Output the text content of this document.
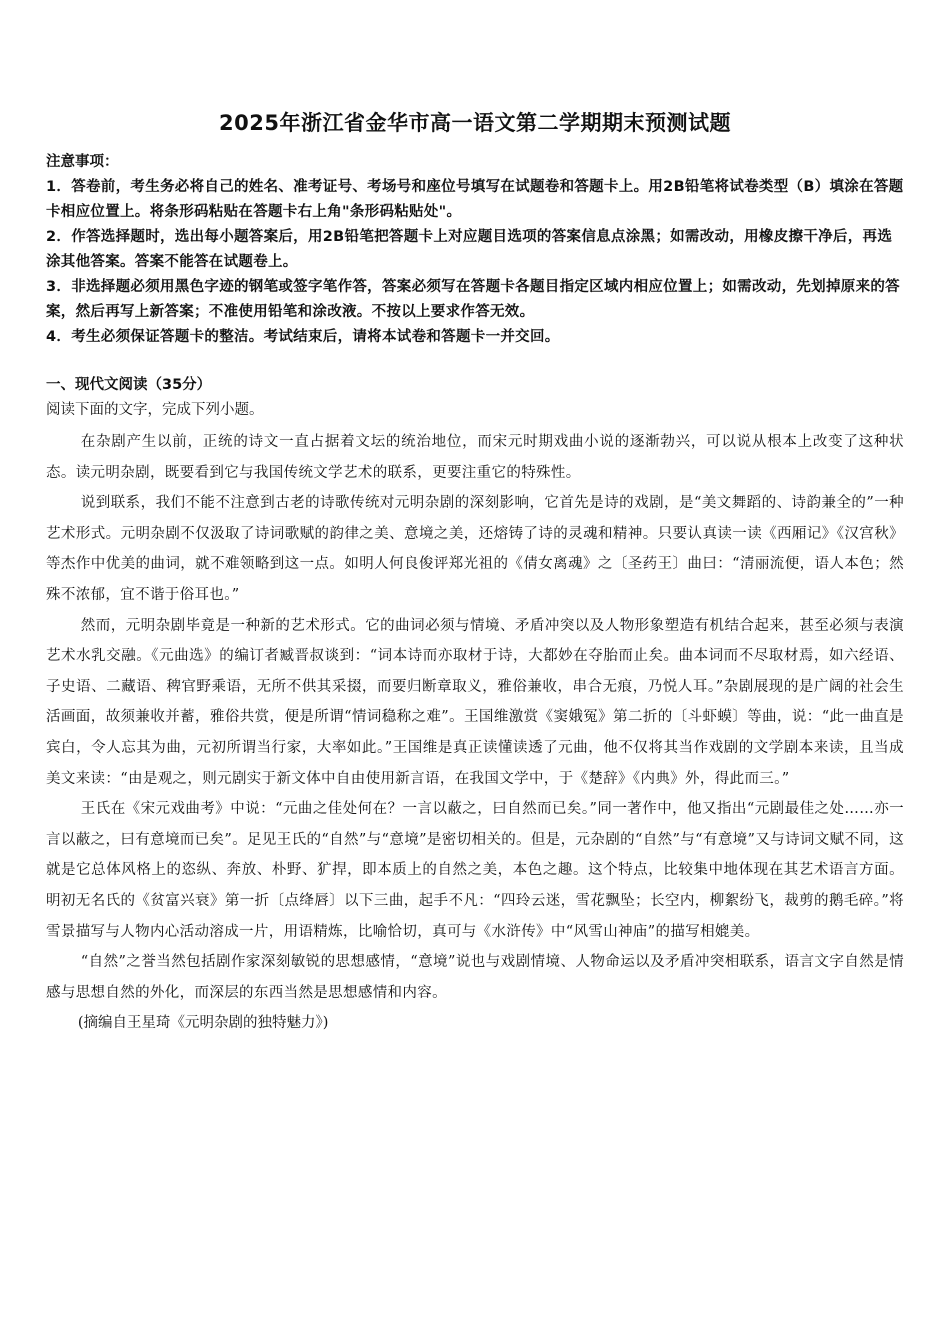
2025年浙江省金华市高一语文第二学期期末预测试题

注意事项：

1．答卷前，考生务必将自己的姓名、准考证号、考场号和座位号填写在试题卷和答题卡上。用2B铅笔将试卷类型（B）填涂在答题卡相应位置上。将条形码粘贴在答题卡右上角"条形码粘贴处"。

2．作答选择题时，选出每小题答案后，用2B铅笔把答题卡上对应题目选项的答案信息点涂黑；如需改动，用橡皮擦干净后，再选涂其他答案。答案不能答在试题卷上。

3．非选择题必须用黑色字迹的钢笔或签字笔作答，答案必须写在答题卡各题目指定区域内相应位置上；如需改动，先划掉原来的答案，然后再写上新答案；不准使用铅笔和涂改液。不按以上要求作答无效。

4．考生必须保证答题卡的整洁。考试结束后，请将本试卷和答题卡一并交回。

一、现代文阅读（35分）

阅读下面的文字，完成下列小题。

在杂剧产生以前，正统的诗文一直占据着文坛的统治地位，而宋元时期戏曲小说的逐渐勃兴，可以说从根本上改变了这种状态。读元明杂剧，既要看到它与我国传统文学艺术的联系，更要注重它的特殊性。

说到联系，我们不能不注意到古老的诗歌传统对元明杂剧的深刻影响，它首先是诗的戏剧，是“美文舞蹈的、诗韵兼全的”一种艺术形式。元明杂剧不仅汲取了诗词歌赋的韵律之美、意境之美，还熔铸了诗的灵魂和精神。只要认真读一读《西厢记》《汉宫秋》等杰作中优美的曲词，就不难领略到这一点。如明人何良俊评郑光祖的《倩女离魂》之〔圣药王〕曲曰：“清丽流便，语人本色；然殊不浓郁，宜不谐于俗耳也。”

然而，元明杂剧毕竟是一种新的艺术形式。它的曲词必须与情境、矛盾冲突以及人物形象塑造有机结合起来，甚至必须与表演艺术水乳交融。《元曲选》的编订者臧晋叔谈到：“词本诗而亦取材于诗，大都妙在夺胎而止矣。曲本词而不尽取材焉，如六经语、子史语、二藏语、稗官野乘语，无所不供其采掇，而要归断章取义，雅俗兼收，串合无痕，乃悦人耳。”杂剧展现的是广阔的社会生活画面，故须兼收并蓄，雅俗共赏，便是所谓“情词稳称之难”。王国维激赏《窦娥冤》第二折的〔斗虾蟆〕等曲，说：“此一曲直是宾白，令人忘其为曲，元初所谓当行家，大率如此。”王国维是真正读懂读透了元曲，他不仅将其当作戏剧的文学剧本来读，且当成美文来读：“由是观之，则元剧实于新文体中自由使用新言语，在我国文学中，于《楚辞》《内典》外，得此而三。”

王氏在《宋元戏曲考》中说：“元曲之佳处何在？一言以蔽之，曰自然而已矣。”同一著作中，他又指出“元剧最佳之处……亦一言以蔽之，曰有意境而已矣”。足见王氏的“自然”与“意境”是密切相关的。但是，元杂剧的“自然”与“有意境”又与诗词文赋不同，这就是它总体风格上的恣纵、奔放、朴野、犷捍，即本质上的自然之美，本色之趣。这个特点，比较集中地体现在其艺术语言方面。明初无名氏的《贫富兴衰》第一折〔点绛唇〕以下三曲，起手不凡：“四玲云迷，雪花飘坠；长空内，柳絮纷飞，裁剪的鹅毛碎。”将雪景描写与人物内心活动溶成一片，用语精炼，比喻恰切，真可与《水浒传》中“风雪山神庙”的描写相媲美。

“自然”之誉当然包括剧作家深刻敏锐的思想感情，“意境”说也与戏剧情境、人物命运以及矛盾冲突相联系，语言文字自然是情感与思想自然的外化，而深层的东西当然是思想感情和内容。

(摘编自王星琦《元明杂剧的独特魅力》)
